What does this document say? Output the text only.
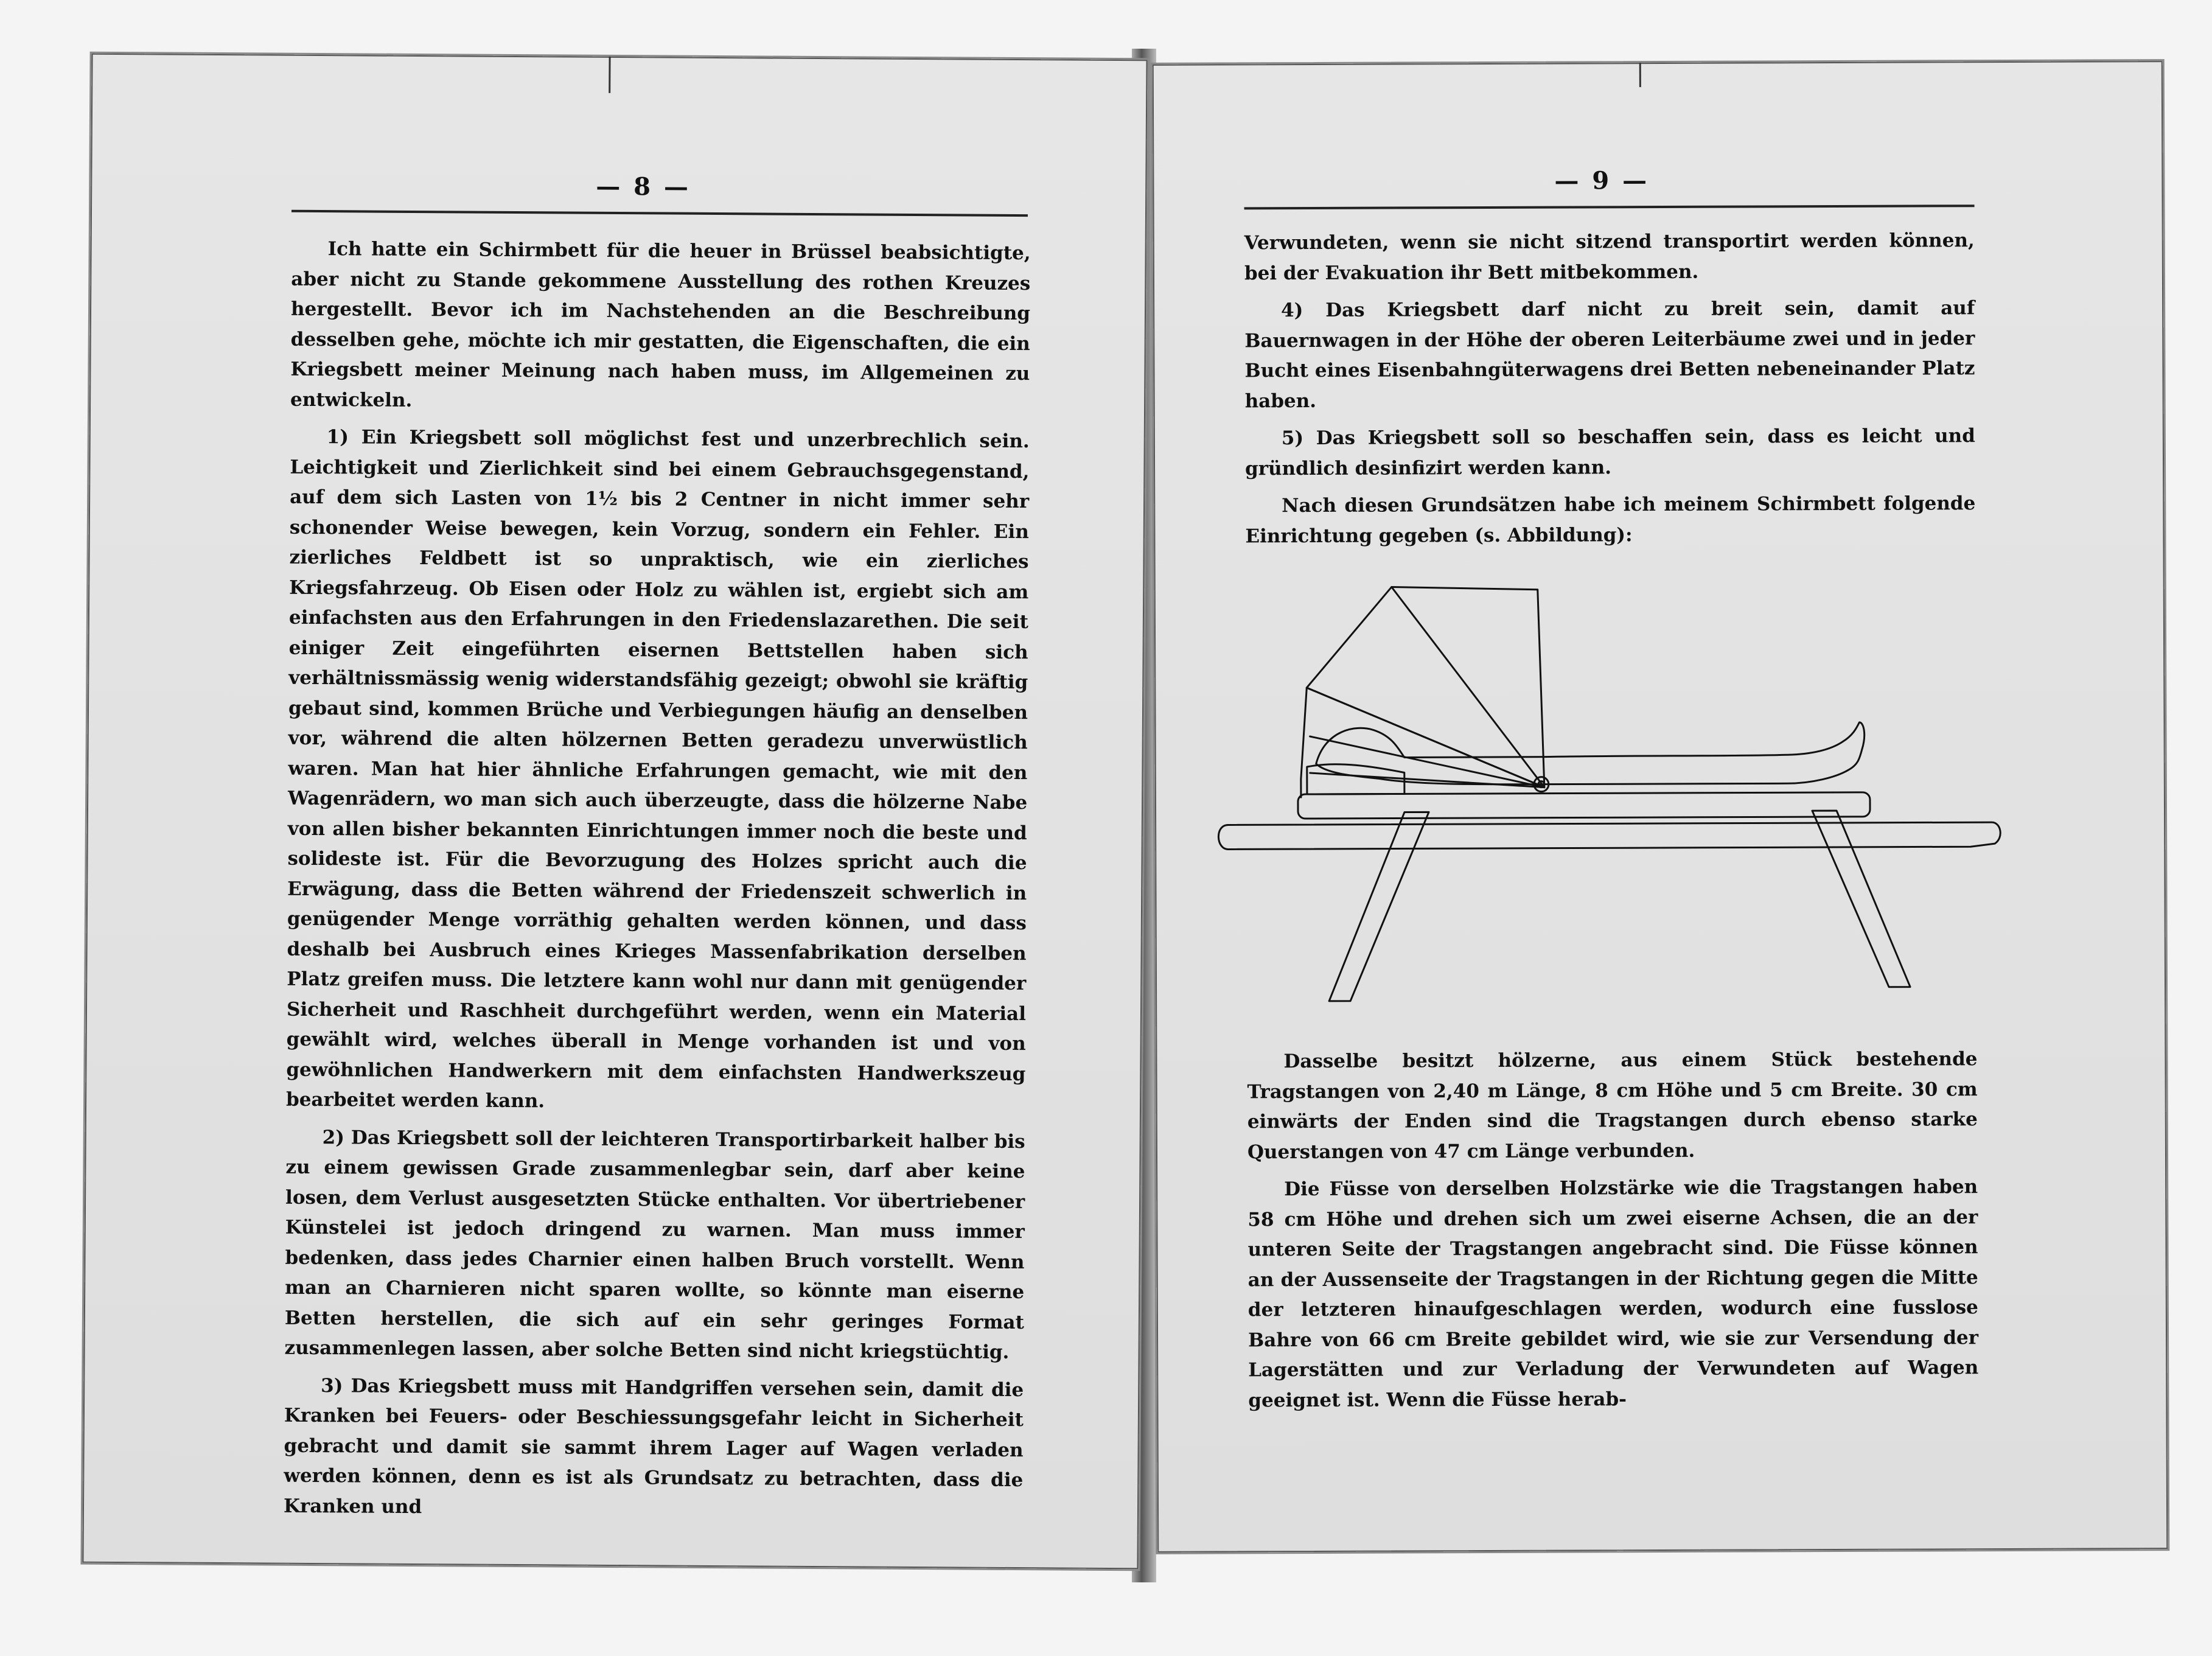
— 8 —

Ich hatte ein Schirmbett für die heuer in Brüssel beabsichtigte, aber nicht zu Stande gekommene Ausstellung des rothen Kreuzes hergestellt. Bevor ich im Nachstehenden an die Beschreibung desselben gehe, möchte ich mir gestatten, die Eigenschaften, die ein Kriegsbett meiner Meinung nach haben muss, im Allgemeinen zu entwickeln.

1) Ein Kriegsbett soll möglichst fest und unzerbrechlich sein. Leichtigkeit und Zierlichkeit sind bei einem Gebrauchsgegenstand, auf dem sich Lasten von 1½ bis 2 Centner in nicht immer sehr schonender Weise bewegen, kein Vorzug, sondern ein Fehler. Ein zierliches Feldbett ist so unpraktisch, wie ein zierliches Kriegsfahrzeug. Ob Eisen oder Holz zu wählen ist, ergiebt sich am einfachsten aus den Erfahrungen in den Friedenslazarethen. Die seit einiger Zeit eingeführten eisernen Bettstellen haben sich verhältnissmässig wenig widerstandsfähig gezeigt; obwohl sie kräftig gebaut sind, kommen Brüche und Verbiegungen häufig an denselben vor, während die alten hölzernen Betten geradezu unverwüstlich waren. Man hat hier ähnliche Erfahrungen gemacht, wie mit den Wagenrädern, wo man sich auch überzeugte, dass die hölzerne Nabe von allen bisher bekannten Einrichtungen immer noch die beste und solideste ist. Für die Bevorzugung des Holzes spricht auch die Erwägung, dass die Betten während der Friedenszeit schwerlich in genügender Menge vorräthig gehalten werden können, und dass deshalb bei Ausbruch eines Krieges Massenfabrikation derselben Platz greifen muss. Die letztere kann wohl nur dann mit genügender Sicherheit und Raschheit durchgeführt werden, wenn ein Material gewählt wird, welches überall in Menge vorhanden ist und von gewöhnlichen Handwerkern mit dem einfachsten Handwerkszeug bearbeitet werden kann.

2) Das Kriegsbett soll der leichteren Transportirbarkeit halber bis zu einem gewissen Grade zusammenlegbar sein, darf aber keine losen, dem Verlust ausgesetzten Stücke enthalten. Vor übertriebener Künstelei ist jedoch dringend zu warnen. Man muss immer bedenken, dass jedes Charnier einen halben Bruch vorstellt. Wenn man an Charnieren nicht sparen wollte, so könnte man eiserne Betten herstellen, die sich auf ein sehr geringes Format zusammenlegen lassen, aber solche Betten sind nicht kriegstüchtig.

3) Das Kriegsbett muss mit Handgriffen versehen sein, damit die Kranken bei Feuers- oder Beschiessungsgefahr leicht in Sicherheit gebracht und damit sie sammt ihrem Lager auf Wagen verladen werden können, denn es ist als Grundsatz zu betrachten, dass die Kranken und

— 9 —

Verwundeten, wenn sie nicht sitzend transportirt werden können, bei der Evakuation ihr Bett mitbekommen.

4) Das Kriegsbett darf nicht zu breit sein, damit auf Bauernwagen in der Höhe der oberen Leiterbäume zwei und in jeder Bucht eines Eisenbahngüterwagens drei Betten nebeneinander Platz haben.

5) Das Kriegsbett soll so beschaffen sein, dass es leicht und gründlich desinfizirt werden kann.

Nach diesen Grundsätzen habe ich meinem Schirmbett folgende Einrichtung gegeben (s. Abbildung):

Dasselbe besitzt hölzerne, aus einem Stück bestehende Tragstangen von 2,40 m Länge, 8 cm Höhe und 5 cm Breite. 30 cm einwärts der Enden sind die Tragstangen durch ebenso starke Querstangen von 47 cm Länge verbunden.

Die Füsse von derselben Holzstärke wie die Tragstangen haben 58 cm Höhe und drehen sich um zwei eiserne Achsen, die an der unteren Seite der Tragstangen angebracht sind. Die Füsse können an der Aussenseite der Tragstangen in der Richtung gegen die Mitte der letzteren hinaufgeschlagen werden, wodurch eine fusslose Bahre von 66 cm Breite gebildet wird, wie sie zur Versendung der Lagerstätten und zur Verladung der Verwundeten auf Wagen geeignet ist. Wenn die Füsse herab-
